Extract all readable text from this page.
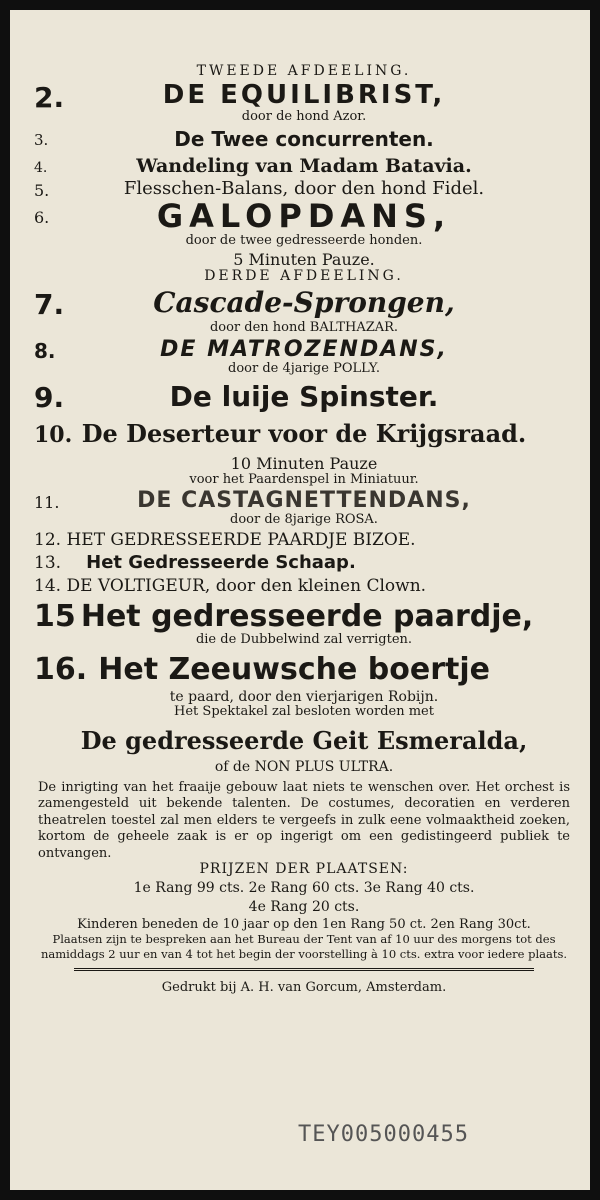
TWEEDE AFDEELING.
2.	DE EQUILIBRIST,
door de hond Azor.
3.	De Twee concurrenten.
4.	Wandeling van Madam Batavia.
5.	Flesschen-Balans, door den hond Fidel.
6.	GALOPDANS,
door de twee gedresseerde honden.
5 Minuten Pauze.
DERDE AFDEELING.
7.	Cascade-Sprongen,
door den hond BALTHAZAR.
8.	DE MATROZENDANS,
door de 4jarige POLLY.
9.	De luije Spinster.
10. De Deserteur voor de Krijgsraad.
10 Minuten Pauze
voor het Paardenspel in Miniatuur.
11.	DE CASTAGNETTENDANS,
door de 8jarige ROSA.
12. HET GEDRESSEERDE PAARDJE BIZOE.
13. Het Gedresseerde Schaap.
14. DE VOLTIGEUR, door den kleinen Clown.
15 Het gedresseerde paardje,
die de Dubbelwind zal verrigten.
16. Het Zeeuwsche boertje
te paard, door den vierjarigen Robijn.
Het Spektakel zal besloten worden met
De gedresseerde Geit Esmeralda,
of de NON PLUS ULTRA.
De inrigting van het fraaije gebouw laat niets te wenschen over. Het orchest is zamengesteld uit bekende talenten. De costumes, decoratien en verderen theatrelen toestel zal men elders te vergeefs in zulk eene volmaaktheid zoeken, kortom de geheele zaak is er op ingerigt om een gedistingeerd publiek te ontvangen.
PRIJZEN DER PLAATSEN:
1e Rang 99 cts. 2e Rang 60 cts. 3e Rang 40 cts.
4e Rang 20 cts.
Kinderen beneden de 10 jaar op den 1en Rang 50 ct. 2en Rang 30ct.
Plaatsen zijn te bespreken aan het Bureau der Tent van af 10 uur des morgens tot des namiddags 2 uur en van 4 tot het begin der voorstelling à 10 cts. extra voor iedere plaats.
Gedrukt bij A. H. van Gorcum, Amsterdam.
TEY005000455
